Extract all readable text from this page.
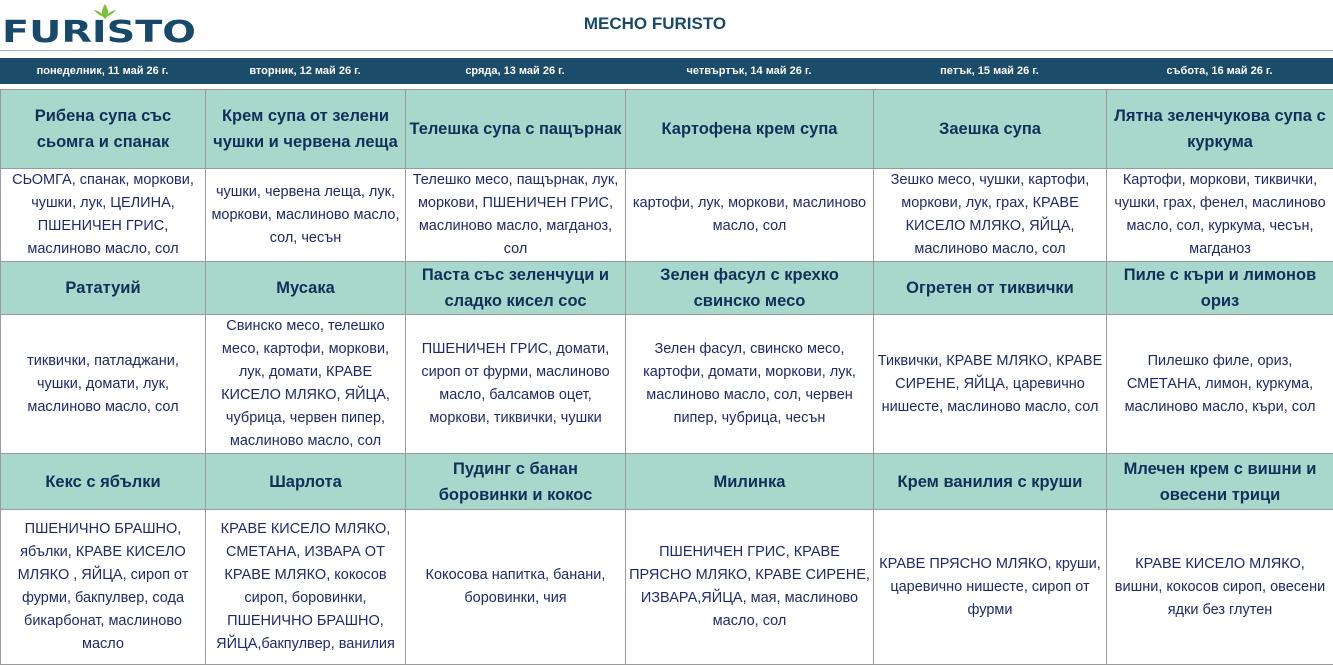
FURISTO	МЕСНО FURISTO
понеделник, 11 май 26 г.	вторник, 12 май 26 г.	сряда, 13 май 26 г.	четвъртък, 14 май 26 г.	петък, 15 май 26 г.	събота, 16 май 26 г.
Рибена супа със сьомга и спанак	Крем супа от зелени чушки и червена леща	Телешка супа с пащърнак	Картофена крем супа	Заешка супа	Лятна зеленчукова супа с куркума
СЬОМГА, спанак, моркови, чушки, лук, ЦЕЛИНА, ПШЕНИЧЕН ГРИС, маслиново масло, сол	чушки, червена леща, лук, моркови, маслиново масло, сол, чесън	Телешко месо, пащърнак, лук, моркови, ПШЕНИЧЕН ГРИС, маслиново масло, магданоз, сол	картофи, лук, моркови, маслиново масло, сол	Зешко месо, чушки, картофи, моркови, лук, грах, КРАВЕ КИСЕЛО МЛЯКО, ЯЙЦА, маслиново масло, сол	Картофи, моркови, тиквички, чушки, грах, фенел, маслиново масло, сол, куркума, чесън, магданоз
Рататуий	Мусака	Паста със зеленчуци и сладко кисел сос	Зелен фасул с крехко свинско месо	Огретен от тиквички	Пиле с къри и лимонов ориз
тиквички, патладжани, чушки, домати, лук, маслиново масло, сол	Свинско месо, телешко месо, картофи, моркови, лук, домати, КРАВЕ КИСЕЛО МЛЯКО, ЯЙЦА, чубрица, червен пипер, маслиново масло, сол	ПШЕНИЧЕН ГРИС, домати, сироп от фурми, маслиново масло, балсамов оцет, моркови, тиквички, чушки	Зелен фасул, свинско месо, картофи, домати, моркови, лук, маслиново масло, сол, червен пипер, чубрица, чесън	Тиквички, КРАВЕ МЛЯКО, КРАВЕ СИРЕНЕ, ЯЙЦА, царевично нишесте, маслиново масло, сол	Пилешко филе, ориз, СМЕТАНА, лимон, куркума, маслиново масло, къри, сол
Кекс с ябълки	Шарлота	Пудинг с банан боровинки и кокос	Милинка	Крем ванилия с круши	Млечен крем с вишни и овесени трици
ПШЕНИЧНО БРАШНО, ябълки, КРАВЕ КИСЕЛО МЛЯКО , ЯЙЦА, сироп от фурми, бакпулвер, сода бикарбонат, маслиново масло	КРАВЕ КИСЕЛО МЛЯКО, СМЕТАНА, ИЗВАРА ОТ КРАВЕ МЛЯКО, кокосов сироп, боровинки, ПШЕНИЧНО БРАШНО, ЯЙЦА,бакпулвер, ванилия	Кокосова напитка, банани, боровинки, чия	ПШЕНИЧЕН ГРИС, КРАВЕ ПРЯСНО МЛЯКО, КРАВЕ СИРЕНЕ, ИЗВАРА,ЯЙЦА, мая, маслиново масло, сол	КРАВЕ ПРЯСНО МЛЯКО, круши, царевично нишесте, сироп от фурми	КРАВЕ КИСЕЛО МЛЯКО, вишни, кокосов сироп, овесени ядки без глутен
